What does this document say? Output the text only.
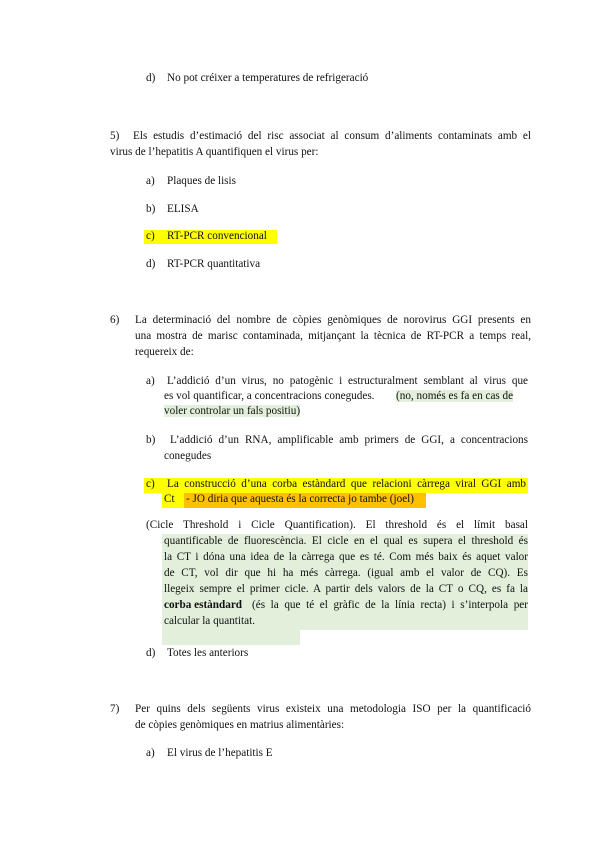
d) No pot créixer a temperatures de refrigeració
5) Els estudis d’estimació del risc associat al consum d’aliments contaminats amb el
virus de l’hepatitis A quantifiquen el virus per:
a) Plaques de lisis
b) ELISA
c) RT-PCR convencional
d) RT-PCR quantitativa
6) La determinació del nombre de còpies genòmiques de norovirus GGI presents en
una mostra de marisc contaminada, mitjançant la tècnica de RT-PCR a temps real,
requereix de:
a) L’addició d’un virus, no patogènic i estructuralment semblant al virus que
es vol quantificar, a concentracions conegudes. (no, només es fa en cas de
voler controlar un fals positiu)
b) L’addició d’un RNA, amplificable amb primers de GGI, a concentracions
conegudes
c) La construcció d’una corba estàndard que relacioni càrrega viral GGI amb
Ct - JO diria que aquesta és la correcta jo tambe (joel)
(Cicle Threshold i Cicle Quantification). El threshold és el límit basal
quantificable de fluorescència. El cicle en el qual es supera el threshold és
la CT i dóna una idea de la càrrega que es té. Com més baix és aquet valor
de CT, vol dir que hi ha més càrrega. (igual amb el valor de CQ). Es
llegeix sempre el primer cicle. A partir dels valors de la CT o CQ, es fa la
corba estàndard (és la que té el gràfic de la línia recta) i s’interpola per
calcular la quantitat.
d) Totes les anteriors
7) Per quins dels següents virus existeix una metodologia ISO per la quantificació
de còpies genòmiques en matrius alimentàries:
a) El virus de l’hepatitis E
